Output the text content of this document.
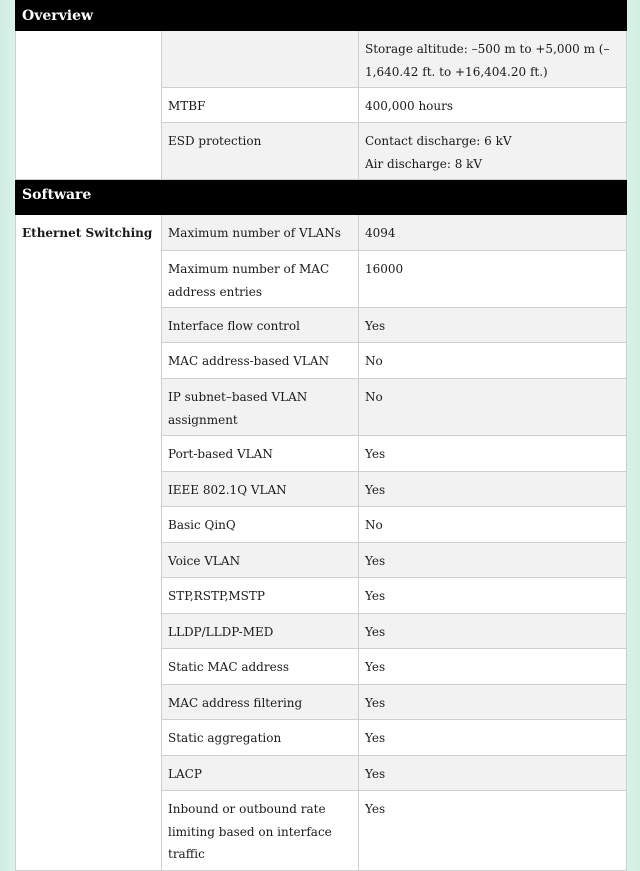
Overview		
		Storage altitude: –500 m to +5,000 m (–
1,640.42 ft. to +16,404.20 ft.)
	MTBF	400,000 hours
	ESD protection	Contact discharge: 6 kV
Air discharge: 8 kV
Software		
Ethernet Switching	Maximum number of VLANs	4094
	Maximum number of MAC address entries	16000
	Interface flow control	Yes
	MAC address-based VLAN	No
	IP subnet–based VLAN assignment	No
	Port-based VLAN	Yes
	IEEE 802.1Q VLAN	Yes
	Basic QinQ	No
	Voice VLAN	Yes
	STP,RSTP,MSTP	Yes
	LLDP/LLDP-MED	Yes
	Static MAC address	Yes
	MAC address filtering	Yes
	Static aggregation	Yes
	LACP	Yes
	Inbound or outbound rate limiting based on interface traffic	Yes
